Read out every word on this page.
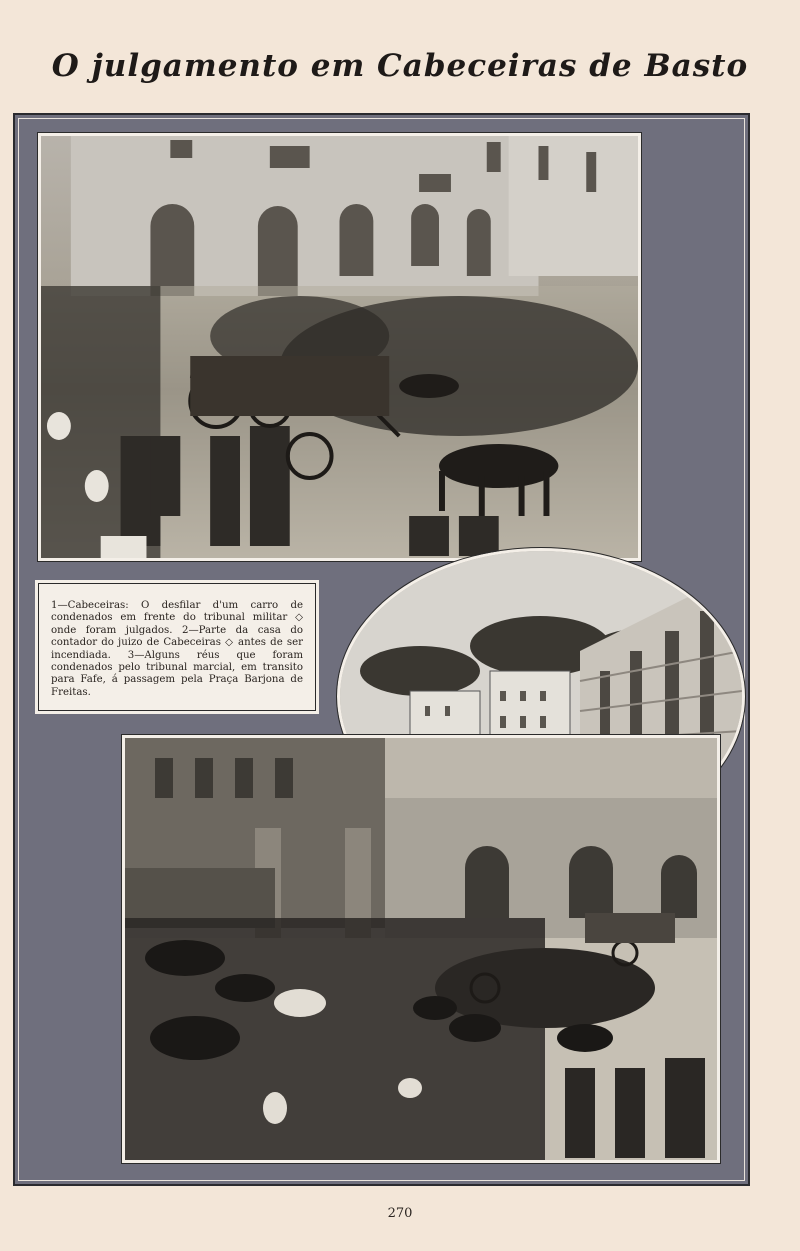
O julgamento em Cabeceiras de Basto
1—Cabeceiras: O desfilar d'um carro de condenados em frente do tribunal militar ◇ onde foram julgados. 2—Parte da casa do contador do juizo de Cabeceiras ◇ antes de ser incendiada. 3—Alguns réus que foram condenados pelo tribunal marcial, em transito para Fafe, á passagem pela Praça Barjona de Freitas.
270
